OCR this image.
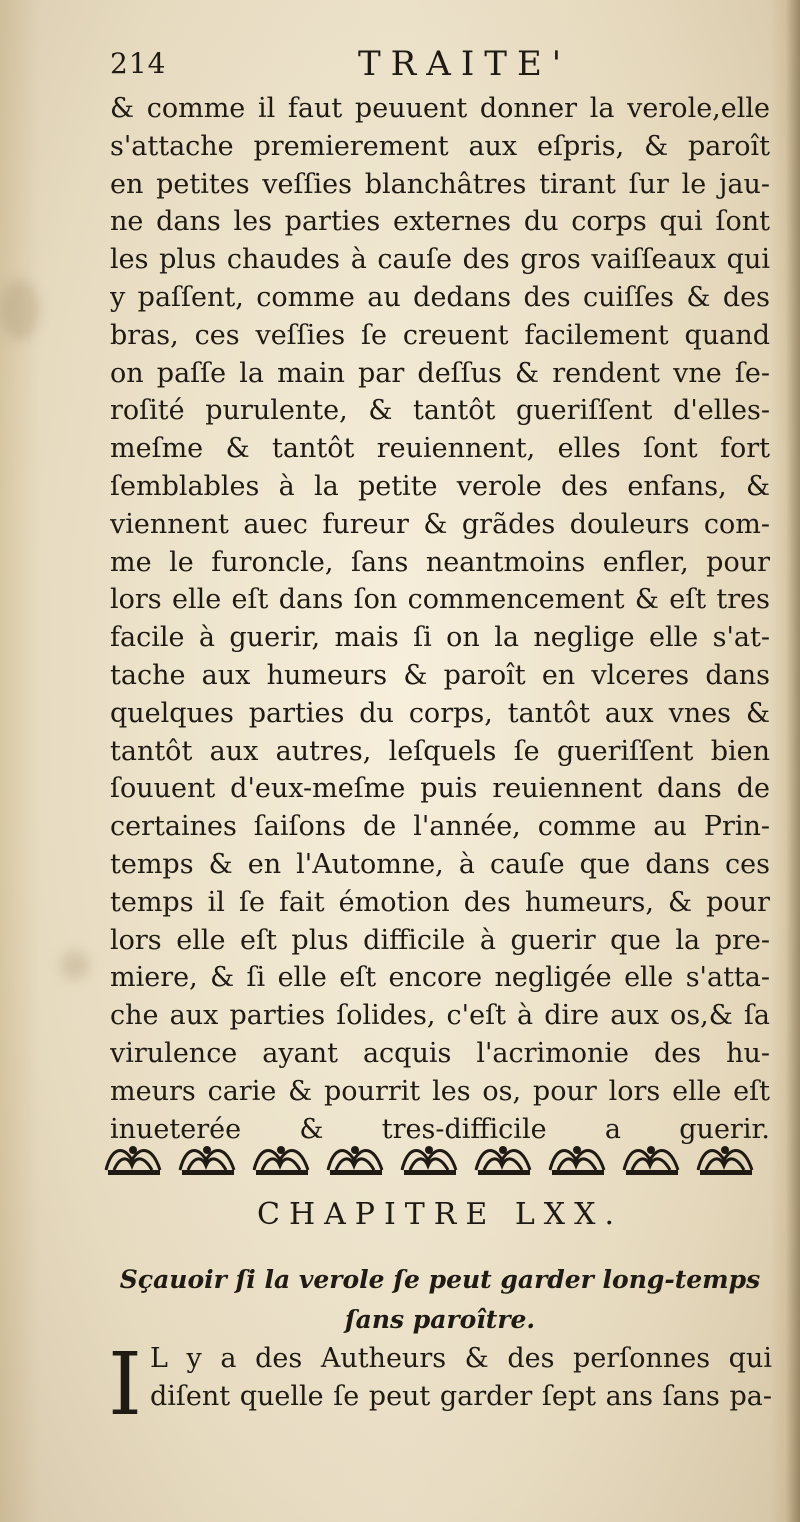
214	TRAITE'
& comme il faut peuuent donner la verole,elle
s'attache premierement aux eſpris, & paroît
en petites veſſies blanchâtres tirant ſur le jau-
ne dans les parties externes du corps qui ſont
les plus chaudes à cauſe des gros vaiſſeaux qui
y paſſent, comme au dedans des cuiſſes & des
bras, ces veſſies ſe creuent facilement quand
on paſſe la main par deſſus & rendent vne ſe-
roſité purulente, & tantôt gueriſſent d'elles-
meſme & tantôt reuiennent, elles ſont fort
ſemblables à la petite verole des enfans, &
viennent auec fureur & grãdes douleurs com-
me le furoncle, ſans neantmoins enfler, pour
lors elle eſt dans ſon commencement & eſt tres
facile à guerir, mais ſi on la neglige elle s'at-
tache aux humeurs & paroît en vlceres dans
quelques parties du corps, tantôt aux vnes &
tantôt aux autres, leſquels ſe gueriſſent bien
ſouuent d'eux-meſme puis reuiennent dans de
certaines ſaiſons de l'année, comme au Prin-
temps & en l'Automne, à cauſe que dans ces
temps il ſe fait émotion des humeurs, & pour
lors elle eſt plus difficile à guerir que la pre-
miere, & ſi elle eſt encore negligée elle s'atta-
che aux parties ſolides, c'eſt à dire aux os,& ſa
virulence ayant acquis l'acrimonie des hu-
meurs carie & pourrit les os, pour lors elle eſt
inueterée & tres-difficile a guerir.
CHAPITRE LXX.
Sçauoir ſi la verole ſe peut garder long-temps
ſans paroître.
I L y a des Autheurs & des perſonnes qui
diſent quelle ſe peut garder ſept ans ſans pa-
